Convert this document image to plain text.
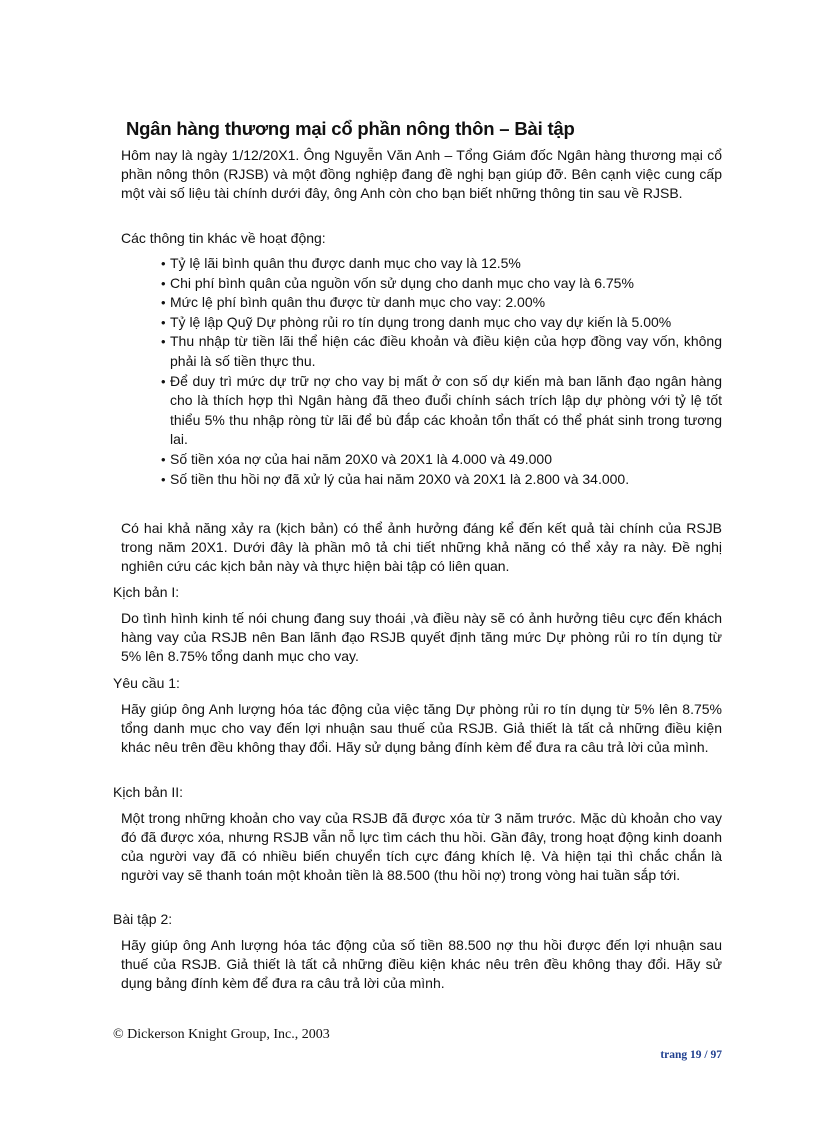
Ngân hàng thương mại cổ phần nông thôn – Bài tập

Hôm nay là ngày 1/12/20X1. Ông Nguyễn Văn Anh – Tổng Giám đốc Ngân hàng thương mại cổ phần nông thôn (RJSB) và một đồng nghiệp đang đề nghị bạn giúp đỡ. Bên cạnh việc cung cấp một vài số liệu tài chính dưới đây, ông Anh còn cho bạn biết những thông tin sau về RJSB.

Các thông tin khác về hoạt động:

• Tỷ lệ lãi bình quân thu được danh mục cho vay là 12.5%
• Chi phí bình quân của nguồn vốn sử dụng cho danh mục cho vay là 6.75%
• Mức lệ phí bình quân thu được từ danh mục cho vay: 2.00%
• Tỷ lệ lập Quỹ Dự phòng rủi ro tín dụng trong danh mục cho vay dự kiến là 5.00%
• Thu nhập từ tiền lãi thể hiện các điều khoản và điều kiện của hợp đồng vay vốn, không phải là số tiền thực thu.
• Để duy trì mức dự trữ nợ cho vay bị mất ở con số dự kiến mà ban lãnh đạo ngân hàng cho là thích hợp thì Ngân hàng đã theo đuổi chính sách trích lập dự phòng với tỷ lệ tốt thiểu 5% thu nhập ròng từ lãi để bù đắp các khoản tổn thất có thể phát sinh trong tương lai.
• Số tiền xóa nợ của hai năm 20X0 và 20X1 là 4.000 và 49.000
• Số tiền thu hồi nợ đã xử lý của hai năm 20X0 và 20X1 là 2.800 và 34.000.

Có hai khả năng xảy ra (kịch bản) có thể ảnh hưởng đáng kể đến kết quả tài chính của RSJB trong năm 20X1. Dưới đây là phần mô tả chi tiết những khả năng có thể xảy ra này. Đề nghị nghiên cứu các kịch bản này và thực hiện bài tập có liên quan.

Kịch bản I:

Do tình hình kinh tế nói chung đang suy thoái ,và điều này sẽ có ảnh hưởng tiêu cực đến khách hàng vay của RSJB nên Ban lãnh đạo RSJB quyết định tăng mức Dự phòng rủi ro tín dụng từ 5% lên 8.75% tổng danh mục cho vay.

Yêu cầu 1:

Hãy giúp ông Anh lượng hóa tác động của việc tăng Dự phòng rủi ro tín dụng từ 5% lên 8.75% tổng danh mục cho vay đến lợi nhuận sau thuế của RSJB. Giả thiết là tất cả những điều kiện khác nêu trên đều không thay đổi. Hãy sử dụng bảng đính kèm để đưa ra câu trả lời của mình.

Kịch bản II:

Một trong những khoản cho vay của RSJB đã được xóa từ 3 năm trước. Mặc dù khoản cho vay đó đã được xóa, nhưng RSJB vẫn nỗ lực tìm cách thu hồi. Gần đây, trong hoạt động kinh doanh của người vay đã có nhiều biến chuyển tích cực đáng khích lệ. Và hiện tại thì chắc chắn là người vay sẽ thanh toán một khoản tiền là 88.500 (thu hồi nợ) trong vòng hai tuần sắp tới.

Bài tập 2:

Hãy giúp ông Anh lượng hóa tác động của số tiền 88.500 nợ thu hồi được đến lợi nhuận sau thuế của RSJB. Giả thiết là tất cả những điều kiện khác nêu trên đều không thay đổi. Hãy sử dụng bảng đính kèm để đưa ra câu trả lời của mình.

© Dickerson Knight Group, Inc., 2003

trang 19 / 97
